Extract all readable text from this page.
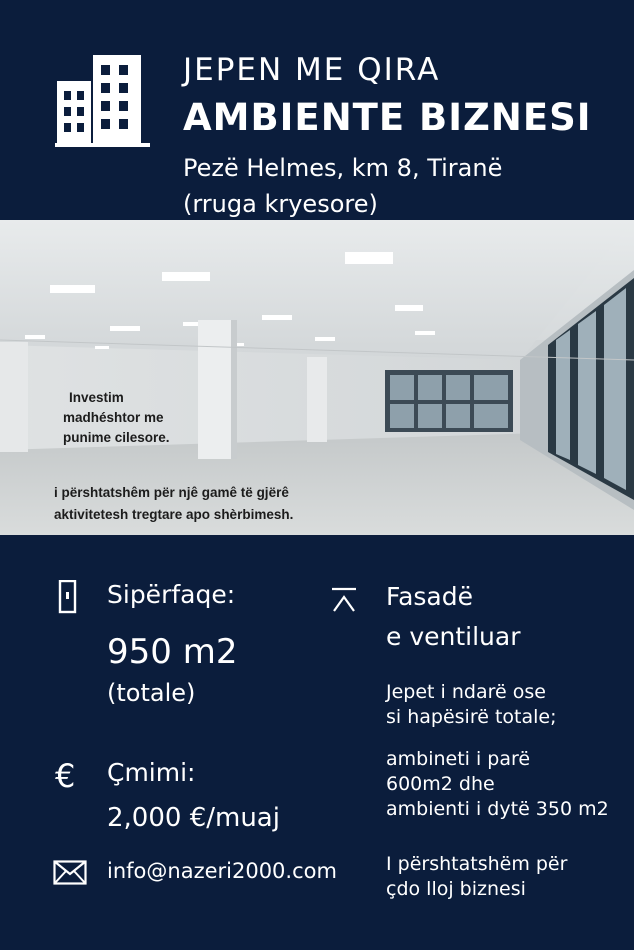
JEPEN ME QIRA
AMBIENTE BIZNESI
Pezë Helmes, km 8, Tiranë
(rruga kryesore)
Investim
madhéshtor me
punime cilesore.
i përshtatshêm për njê gamê të gjërê
aktivitetesh tregtare apo shèrbimesh.
Sipërfaqe:
950 m2
(totale)
€ Çmimi:
2,000 €/muaj
info@nazeri2000.com
Fasadë
e ventiluar
Jepet i ndarë ose
si hapësirë totale;
ambineti i parë
600m2 dhe
ambienti i dytë 350 m2
I përshtatshëm për
çdo lloj biznesi
